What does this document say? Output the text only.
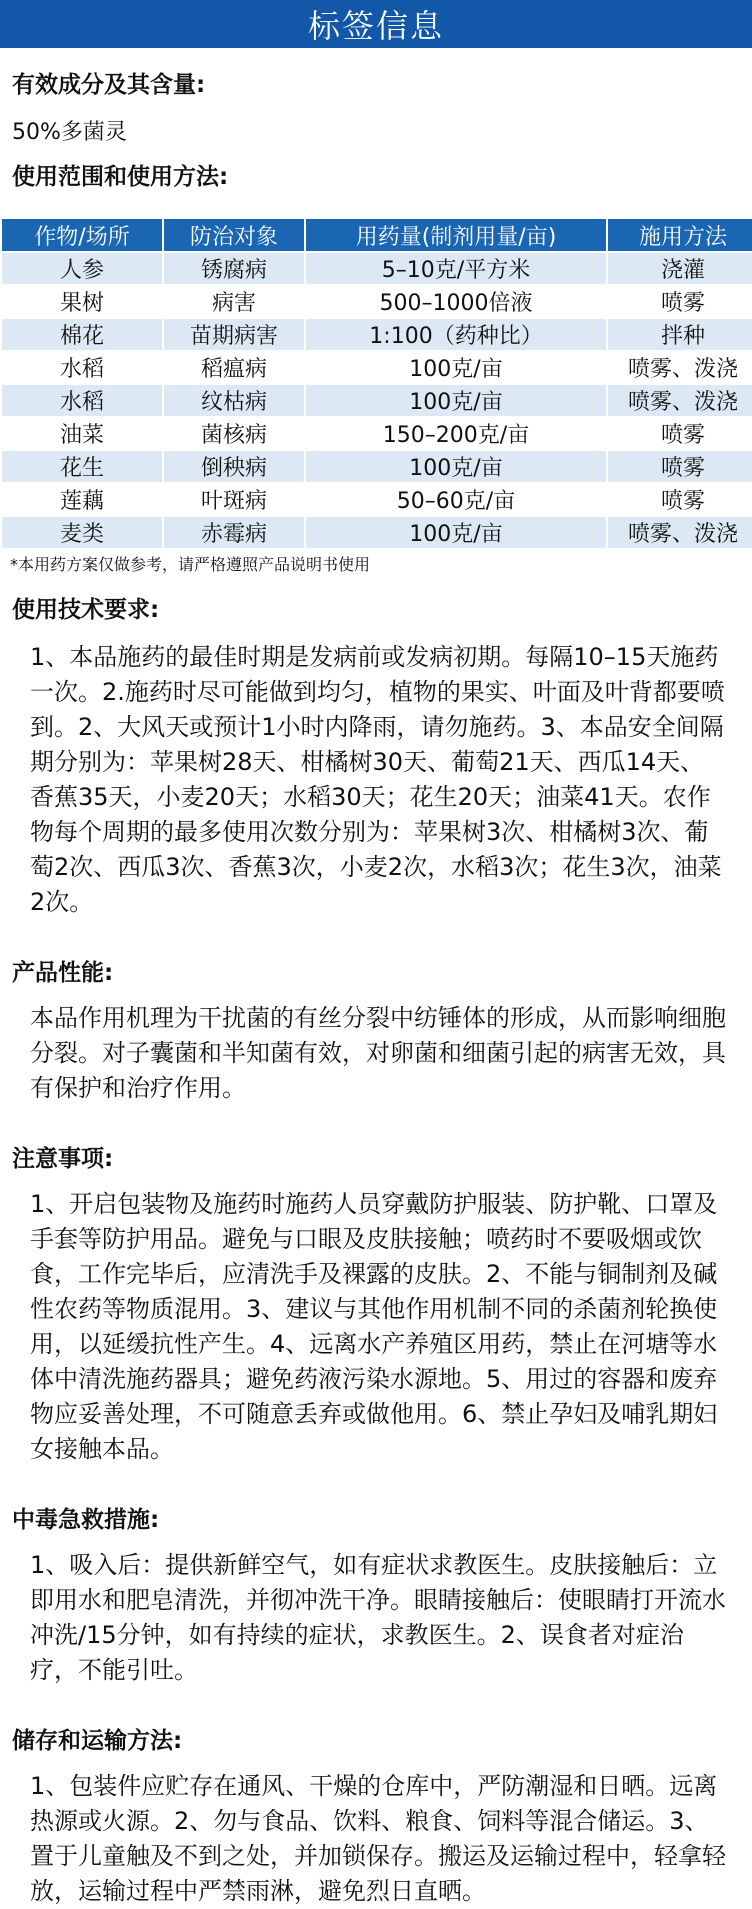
标签信息

有效成分及其含量:

50%多菌灵

使用范围和使用方法:

作物/场所	防治对象	用药量(制剂用量/亩)	施用方法
人参	锈腐病	5–10克/平方米	浇灌
果树	病害	500–1000倍液	喷雾
棉花	苗期病害	1:100（药种比）	拌种
水稻	稻瘟病	100克/亩	喷雾、泼浇
水稻	纹枯病	100克/亩	喷雾、泼浇
油菜	菌核病	150–200克/亩	喷雾
花生	倒秧病	100克/亩	喷雾
莲藕	叶斑病	50–60克/亩	喷雾
麦类	赤霉病	100克/亩	喷雾、泼浇
*本用药方案仅做参考，请严格遵照产品说明书使用

使用技术要求:

1、本品施药的最佳时期是发病前或发病初期。每隔10–15天施药一次。2.施药时尽可能做到均匀，植物的果实、叶面及叶背都要喷到。2、大风天或预计1小时内降雨，请勿施药。3、本品安全间隔期分别为：苹果树28天、柑橘树30天、葡萄21天、西瓜14天、香蕉35天，小麦20天；水稻30天；花生20天；油菜41天。农作物每个周期的最多使用次数分别为：苹果树3次、柑橘树3次、葡萄2次、西瓜3次、香蕉3次，小麦2次，水稻3次；花生3次，油菜2次。

产品性能:

本品作用机理为干扰菌的有丝分裂中纺锤体的形成，从而影响细胞分裂。对子囊菌和半知菌有效，对卵菌和细菌引起的病害无效，具有保护和治疗作用。

注意事项:

1、开启包装物及施药时施药人员穿戴防护服装、防护靴、口罩及手套等防护用品。避免与口眼及皮肤接触；喷药时不要吸烟或饮食，工作完毕后，应清洗手及裸露的皮肤。2、不能与铜制剂及碱性农药等物质混用。3、建议与其他作用机制不同的杀菌剂轮换使用，以延缓抗性产生。4、远离水产养殖区用药，禁止在河塘等水体中清洗施药器具；避免药液污染水源地。5、用过的容器和废弃物应妥善处理，不可随意丢弃或做他用。6、禁止孕妇及哺乳期妇女接触本品。

中毒急救措施:

1、吸入后：提供新鲜空气，如有症状求教医生。皮肤接触后：立即用水和肥皂清洗，并彻冲洗干净。眼睛接触后：使眼睛打开流水冲洗/15分钟，如有持续的症状，求教医生。2、误食者对症治疗，不能引吐。

储存和运输方法:

1、包装件应贮存在通风、干燥的仓库中，严防潮湿和日晒。远离热源或火源。2、勿与食品、饮料、粮食、饲料等混合储运。3、置于儿童触及不到之处，并加锁保存。搬运及运输过程中，轻拿轻放，运输过程中严禁雨淋，避免烈日直晒。
